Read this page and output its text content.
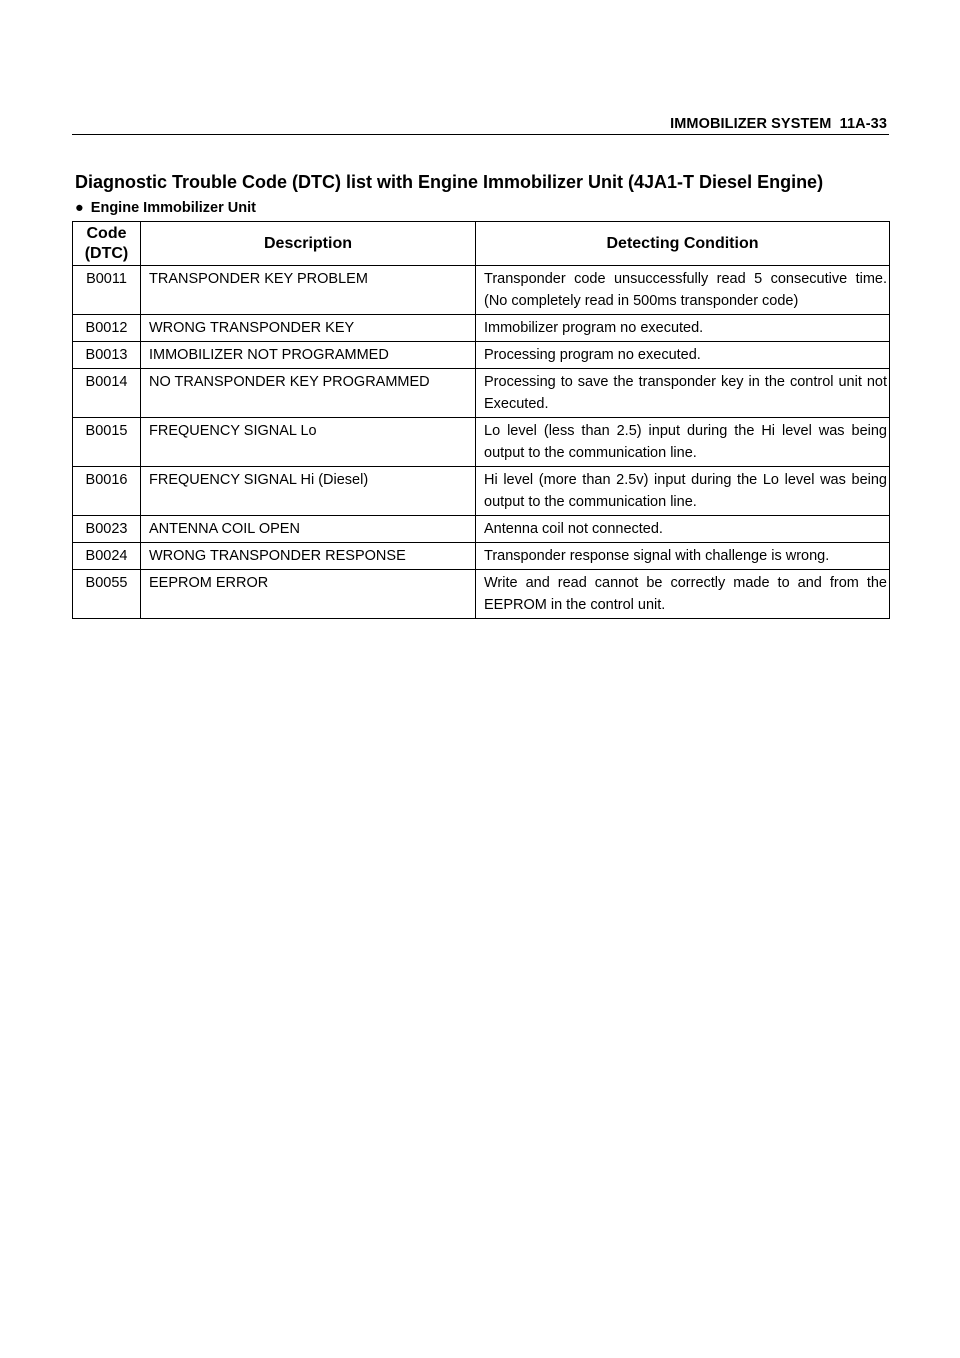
IMMOBILIZER SYSTEM  11A-33
Diagnostic Trouble Code (DTC) list with Engine Immobilizer Unit (4JA1-T Diesel Engine)
● Engine Immobilizer Unit
Code
(DTC)	Description	Detecting Condition
B0011	TRANSPONDER KEY PROBLEM	Transponder code unsuccessfully read 5 consecutive time. (No completely read in 500ms transponder code)
B0012	WRONG TRANSPONDER KEY	Immobilizer program no executed.
B0013	IMMOBILIZER NOT PROGRAMMED	Processing program no executed.
B0014	NO TRANSPONDER KEY PROGRAMMED	Processing to save the transponder key in the control unit not Executed.
B0015	FREQUENCY SIGNAL Lo	Lo level (less than 2.5) input during the Hi level was being output to the communication line.
B0016	FREQUENCY SIGNAL Hi (Diesel)	Hi level (more than 2.5v) input during the Lo level was being output to the communication line.
B0023	ANTENNA COIL OPEN	Antenna coil not connected.
B0024	WRONG TRANSPONDER RESPONSE	Transponder response signal with challenge is wrong.
B0055	EEPROM ERROR	Write and read cannot be correctly made to and from the EEPROM in the control unit.
